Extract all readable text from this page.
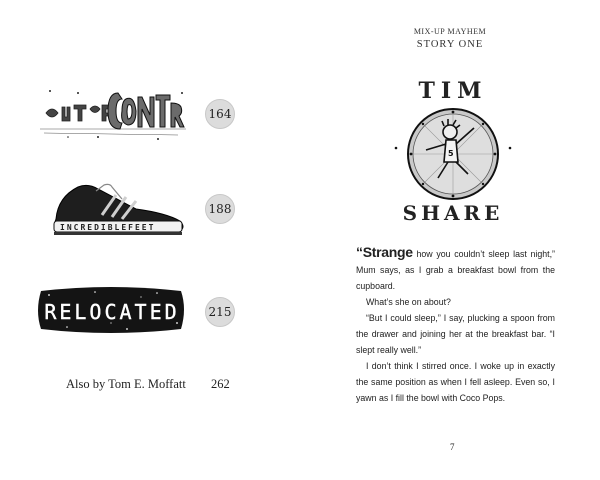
164
INCREDIBLEFEET
188
RELOCATED 215
Also by Tom E. Moffatt 262
MIX-UP MAYHEM
STORY ONE
TIM
5
SHARE

“Strange how you couldn’t sleep last night,” Mum says, as I grab a breakfast bowl from the cupboard.

What’s she on about?

“But I could sleep,” I say, plucking a spoon from the drawer and joining her at the breakfast bar. “I slept really well.”

I don’t think I stirred once. I woke up in exactly the same position as when I fell asleep. Even so, I yawn as I fill the bowl with Coco Pops.

7
